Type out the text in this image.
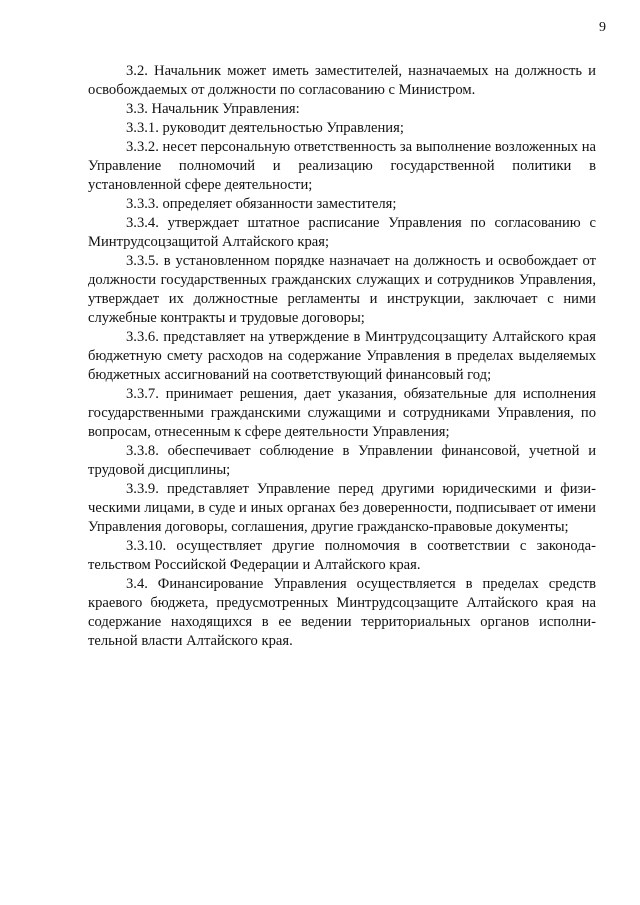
9

3.2. Начальник может иметь заместителей, назначаемых на должность и освобождаемых от должности по согласованию с Министром.

3.3. Начальник Управления:

3.3.1. руководит деятельностью Управления;

3.3.2. несет персональную ответственность за выполнение возложенных на Управление полномочий и реализацию государственной политики в установленной сфере деятельности;

3.3.3. определяет обязанности заместителя;

3.3.4. утверждает штатное расписание Управления по согласованию с Минтрудсоцзащитой Алтайского края;

3.3.5. в установленном порядке назначает на должность и освобождает от должности государственных гражданских служащих и сотрудников Управления, утверждает их должностные регламенты и инструкции, заключает с ними служебные контракты и трудовые договоры;

3.3.6. представляет на утверждение в Минтрудсоцзащиту Алтайского края бюджетную смету расходов на содержание Управления в пределах выделяемых бюджетных ассигнований на соответствующий финансовый год;

3.3.7. принимает решения, дает указания, обязательные для исполнения государственными гражданскими служащими и сотрудниками Управления, по вопросам, отнесенным к сфере деятельности Управления;

3.3.8. обеспечивает соблюдение в Управлении финансовой, учетной и трудовой дисциплины;

3.3.9. представляет Управление перед другими юридическими и физическими лицами, в суде и иных органах без доверенности, подписывает от имени Управления договоры, соглашения, другие гражданско-правовые документы;

3.3.10. осуществляет другие полномочия в соответствии с законодательством Российской Федерации и Алтайского края.

3.4. Финансирование Управления осуществляется в пределах средств краевого бюджета, предусмотренных Минтрудсоцзащите Алтайского края на содержание находящихся в ее ведении территориальных органов исполнительной власти Алтайского края.
